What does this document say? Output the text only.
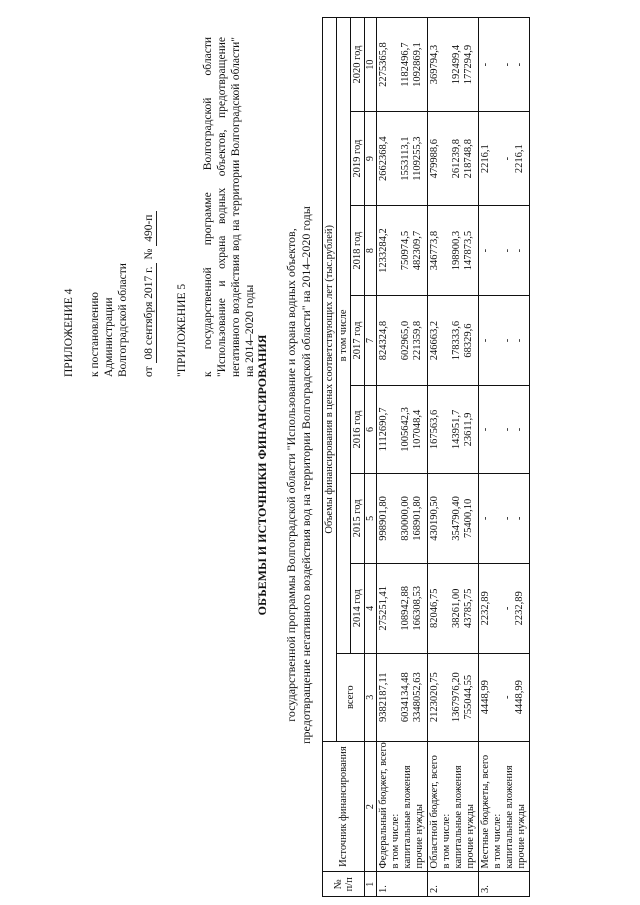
ПРИЛОЖЕНИЕ 4 к постановлению Администрации Волгоградской области от 08 сентября 2017 г. № 490-п
"ПРИЛОЖЕНИЕ 5 к государственной программе Волгоградской области "Использование и охрана водных объектов, предотвращение негативного воздействия вод на территории Волгоградской области" на 2014–2020 годы
ОБЪЕМЫ И ИСТОЧНИКИ ФИНАНСИРОВАНИЯ государственной программы Волгоградской области "Использование и охрана водных объектов, предотвращение негативного воздействия вод на территории Волгоградской области" на 2014–2020 годы
№ п/п	Источник финансирования	Объемы финансирования в ценах соответствующих лет (тыс.рублей)							
		всего	в том числе						
			2014 год	2015 год	2016 год	2017 год	2018 год	2019 год	2020 год
1	2	3	4	5	6	7	8	9	10
1.	Федеральный бюджет, всего в том числе: капитальные вложения прочие нужды	9382187,11 6034134,48 3348052,63	275251,41 108942,88 166308,53	998901,80 830000,00 168901,80	1112690,7 1005642,3 107048,4	824324,8 602965,0 221359,8	1233284,2 750974,5 482309,7	2662368,4 1553113,1 1109255,3	2275365,8 1182496,7 1092869,1

2.	Областной бюджет, всего в том числе: капитальные вложения прочие нужды	2123020,75 1367976,20 755044,55	82046,75 38261,00 43785,75	430190,50 354790,40 75400,10	167563,6 143951,7 23611,9	246663,2 178333,6 68329,6	346773,8 198900,3 147873,5	479988,6 261239,8 218748,8	369794,3 192499,4 177294,9

3.	Местные бюджеты, всего в том числе: капитальные вложения прочие нужды	4448,99 - 4448,99	2232,89 - 2232,89	- - -	- - -	- - -	- - -	2216,1 - 2216,1	- - -
